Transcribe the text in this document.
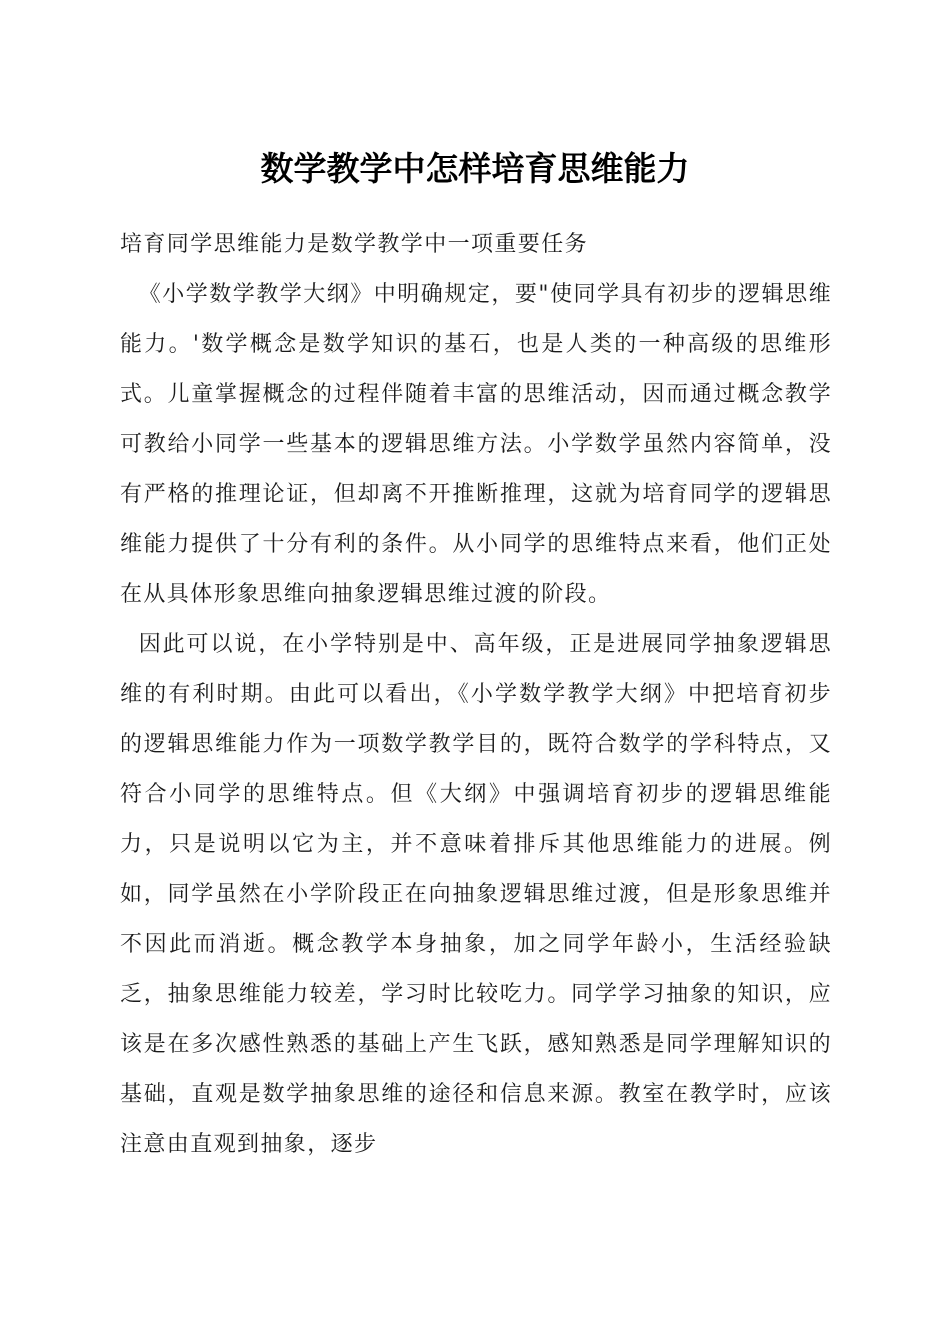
数学教学中怎样培育思维能力

培育同学思维能力是数学教学中一项重要任务

《小学数学教学大纲》中明确规定，要"使同学具有初步的逻辑思维能力。'数学概念是数学知识的基石，也是人类的一种高级的思维形式。儿童掌握概念的过程伴随着丰富的思维活动，因而通过概念教学可教给小同学一些基本的逻辑思维方法。小学数学虽然内容简单，没有严格的推理论证，但却离不开推断推理，这就为培育同学的逻辑思维能力提供了十分有利的条件。从小同学的思维特点来看，他们正处在从具体形象思维向抽象逻辑思维过渡的阶段。

因此可以说，在小学特别是中、高年级，正是进展同学抽象逻辑思维的有利时期。由此可以看出，《小学数学教学大纲》中把培育初步的逻辑思维能力作为一项数学教学目的，既符合数学的学科特点，又符合小同学的思维特点。但《大纲》中强调培育初步的逻辑思维能力，只是说明以它为主，并不意味着排斥其他思维能力的进展。例如，同学虽然在小学阶段正在向抽象逻辑思维过渡，但是形象思维并不因此而消逝。概念教学本身抽象，加之同学年龄小，生活经验缺乏，抽象思维能力较差，学习时比较吃力。同学学习抽象的知识，应该是在多次感性熟悉的基础上产生飞跃，感知熟悉是同学理解知识的基础，直观是数学抽象思维的途径和信息来源。教室在教学时，应该注意由直观到抽象，逐步
